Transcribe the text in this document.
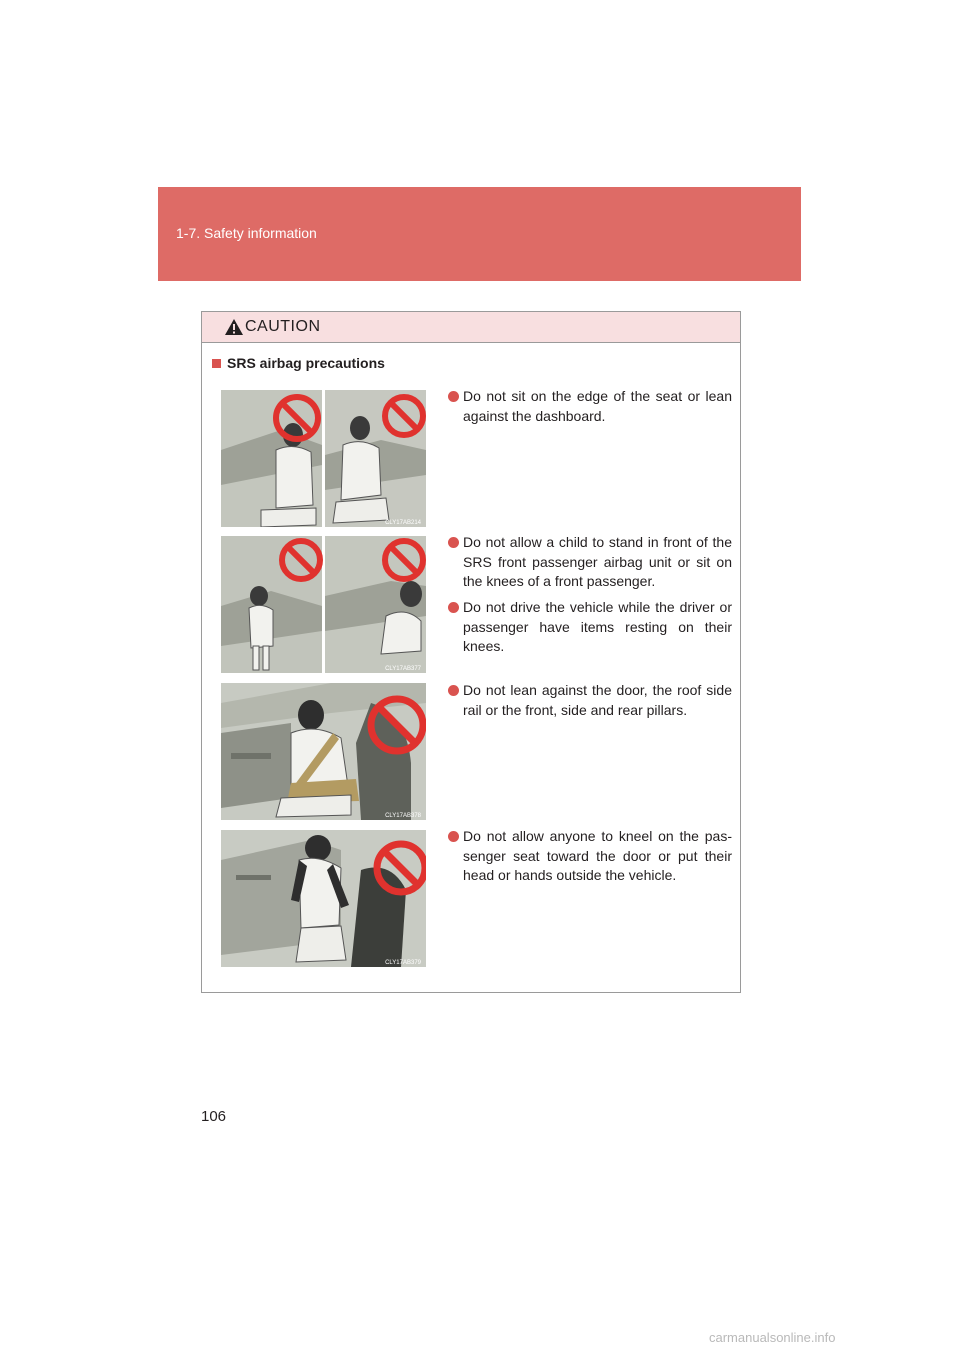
1-7. Safety information
CAUTION
SRS airbag precautions
CLY17AB214
CLY17AB377
CLY17AB378
CLY17AB379
Do not sit on the edge of the seat or lean against the dashboard.
Do not allow a child to stand in front of the SRS front passenger airbag unit or sit on the knees of a front passenger.
Do not drive the vehicle while the driver or passenger have items resting on their knees.
Do not lean against the door, the roof side rail or the front, side and rear pillars.
Do not allow anyone to kneel on the pas-senger seat toward the door or put their head or hands outside the vehicle.
106
carmanualsonline.info
